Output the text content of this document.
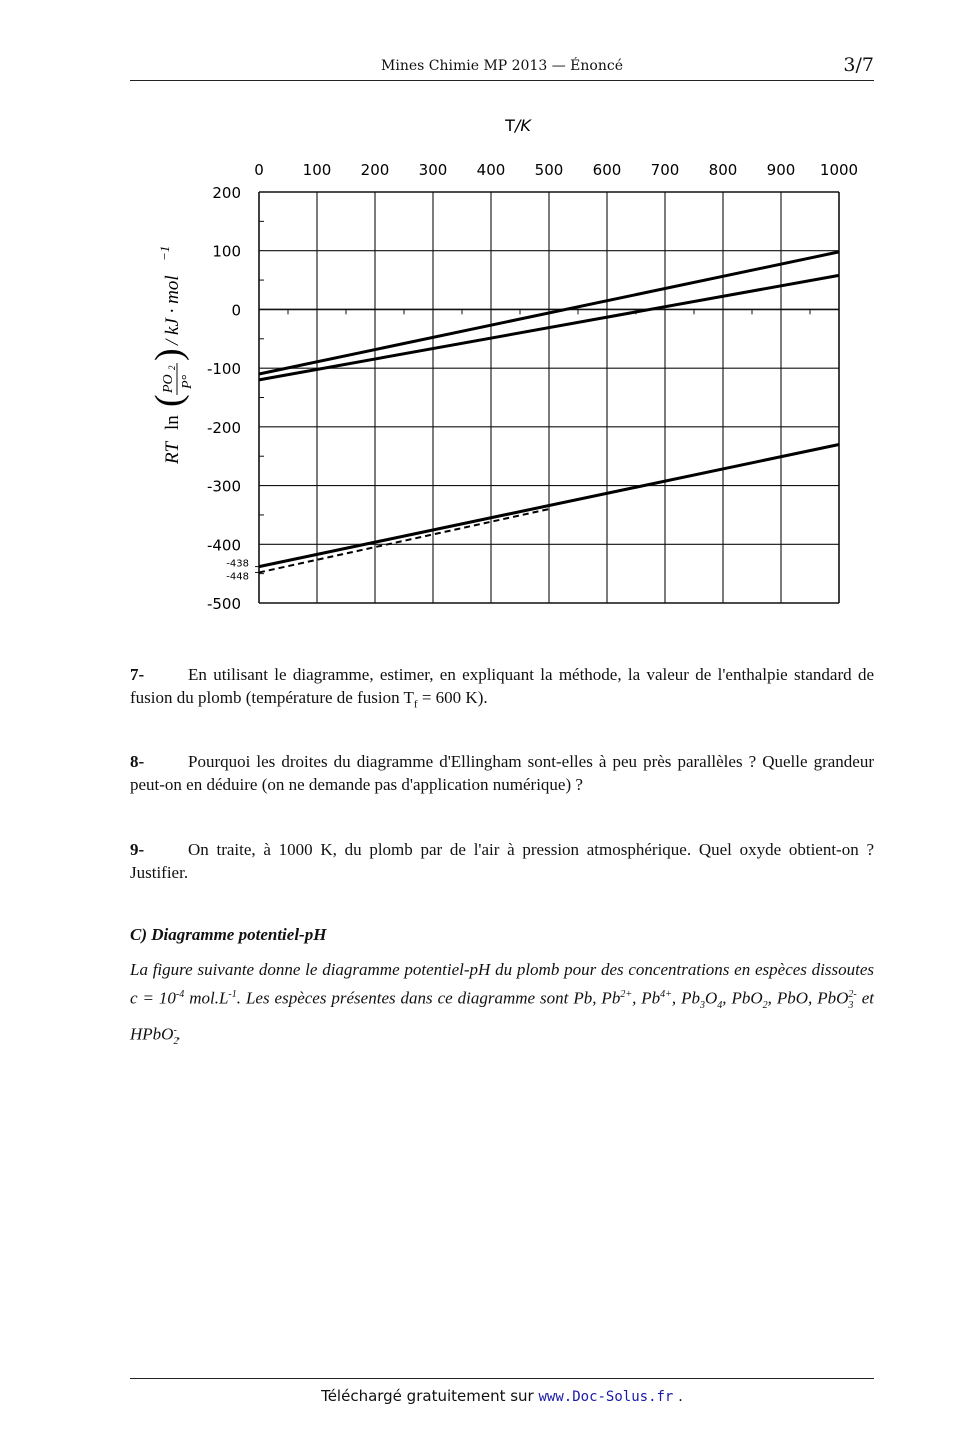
Mines Chimie MP 2013 — Énoncé	3/7
0	100 200 300 400 500 600 700 800 900 1000
200
100
0
-100
-200
-300
-400
-500
-438
-448
T/K
RT
ln
(
PO
2
P°
)
/ kJ · mol
−1
7-	En utilisant le diagramme, estimer, en expliquant la méthode, la valeur de l'enthalpie standard de fusion du plomb (température de fusion $T_f = 600$ K).
8-	Pourquoi les droites du diagramme d'Ellingham sont-elles à peu près parallèles ? Quelle grandeur peut-on en déduire (on ne demande pas d'application numérique) ?
9-	On traite, à 1000 K, du plomb par de l'air à pression atmosphérique. Quel oxyde obtient-on ? Justifier.
C) Diagramme potentiel-pH
La figure suivante donne le diagramme potentiel-pH du plomb pour des concentrations en espèces dissoutes $c = 10^{-4}$ $mol.L^{-1}$. Les espèces présentes dans ce diagramme sont Pb, $Pb^{2+}$, $Pb^{4+}$, $Pb_3O_4$, PbO$_2$, PbO, PbO$_3^{2-}$ et HPbO$_2$-.
Téléchargé gratuitement sur www.Doc-Solus.fr .
